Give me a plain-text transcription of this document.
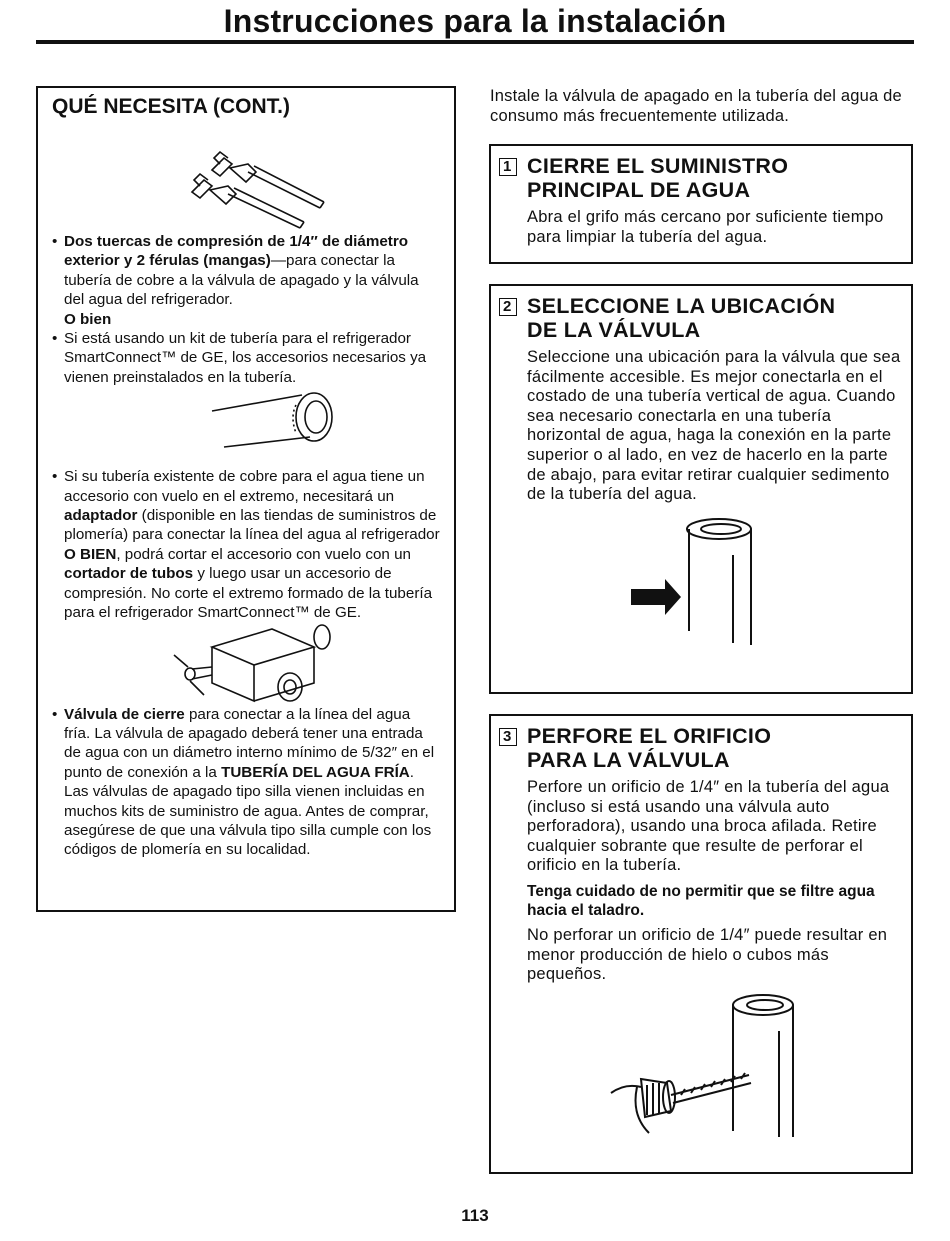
Instrucciones para la instalación
QUÉ NECESITA (CONT.)
• Dos tuercas de compresión de 1/4″ de diámetro exterior y 2 férulas (mangas)—para conectar la tubería de cobre a la válvula de apagado y la válvula del agua del refrigerador.
O bien
• Si está usando un kit de tubería para el refrigerador SmartConnect™ de GE, los accesorios necesarios ya vienen preinstalados en la tubería.
• Si su tubería existente de cobre para el agua tiene un accesorio con vuelo en el extremo, necesitará un adaptador (disponible en las tiendas de suministros de plomería) para conectar la línea del agua al refrigerador O BIEN, podrá cortar el accesorio con vuelo con un cortador de tubos y luego usar un accesorio de compresión. No corte el extremo formado de la tubería para el refrigerador SmartConnect™ de GE.
• Válvula de cierre para conectar a la línea del agua fría. La válvula de apagado deberá tener una entrada de agua con un diámetro interno mínimo de 5/32″ en el punto de conexión a la TUBERÍA DEL AGUA FRÍA. Las válvulas de apagado tipo silla vienen incluidas en muchos kits de suministro de agua. Antes de comprar, asegúrese de que una válvula tipo silla cumple con los códigos de plomería en su localidad.
Instale la válvula de apagado en la tubería del agua de consumo más frecuentemente utilizada.
1 CIERRE EL SUMINISTRO
PRINCIPAL DE AGUA

Abra el grifo más cercano por suficiente tiempo para limpiar la tubería del agua.

2 SELECCIONE LA UBICACIÓN
DE LA VÁLVULA

Seleccione una ubicación para la válvula que sea fácilmente accesible. Es mejor conectarla en el costado de una tubería vertical de agua. Cuando sea necesario conectarla en una tubería horizontal de agua, haga la conexión en la parte superior o al lado, en vez de hacerlo en la parte de abajo, para evitar retirar cualquier sedimento de la tubería del agua.

3 PERFORE EL ORIFICIO
PARA LA VÁLVULA

Perfore un orificio de 1/4″ en la tubería del agua (incluso si está usando una válvula auto perforadora), usando una broca afilada. Retire cualquier sobrante que resulte de perforar el orificio en la tubería.

Tenga cuidado de no permitir que se filtre agua hacia el taladro.

No perforar un orificio de 1/4″ puede resultar en menor producción de hielo o cubos más pequeños.

113
